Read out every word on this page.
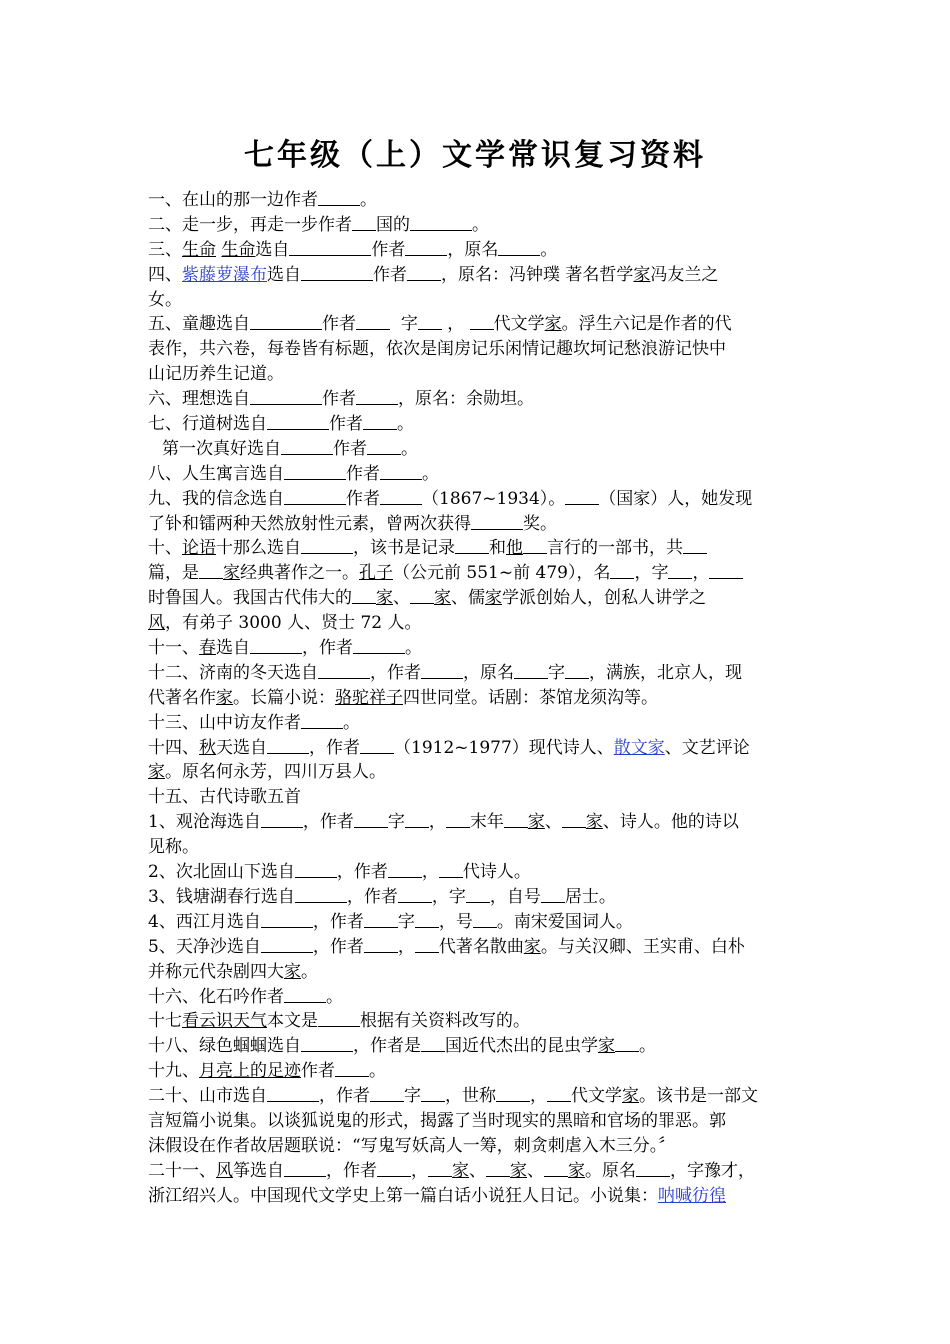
七年级（上）文学常识复习资料
一、在山的那一边作者 。
二、走一步，再走一步作者 国的	。
三、生命 生命选自	作者 ，原名 。
四、紫藤萝瀑布选自	作者 ，原名：冯钟璞 著名哲学家冯友兰之
女。
五、童趣选自	作者	字 ， 代文学家。浮生六记是作者的代
表作，共六卷，每卷皆有标题，依次是闺房记乐闲情记趣坎坷记愁浪游记快中
山记历养生记道。
六、理想选自	作者 ，原名：余勋坦。
七、行道树选自	作者 。
第一次真好选自	作者 。
八、人生寓言选自	作者 。
九、我的信念选自	作者 （1867~1934）。 （国家）人，她发现
了钋和镭两种天然放射性元素，曾两次获得	奖。
十、论语十那么选自	，该书是记录 和他 言行的一部书，共
篇，是 家经典著作之一。孔子（公元前 551~前 479），名 ，字 ，
时鲁国人。我国古代伟大的 家、 家、儒家学派创始人，创私人讲学之
风，有弟子 3000 人、贤士 72 人。
十一、春选自	，作者	。
十二、济南的冬天选自	，作者 ，原名 字 ，满族，北京人，现
代著名作家。长篇小说：骆驼祥子四世同堂。话剧：茶馆龙须沟等。
十三、山中访友作者 。
十四、秋天选自 ，作者 （1912~1977）现代诗人、散文家、文艺评论
家。原名何永芳，四川万县人。
十五、古代诗歌五首
1、观沧海选自 ，作者 字 ， 末年 家、 家、诗人。他的诗以
见称。
2、次北固山下选自 ，作者 ， 代诗人。
3、钱塘湖春行选自	，作者 ，字 ，自号 居士。
4、西江月选自	，作者 字 ，号 。南宋爱国词人。
5、天净沙选自	，作者 ， 代著名散曲家。与关汉卿、王实甫、白朴
并称元代杂剧四大家。
十六、化石吟作者 。
十七看云识天气本文是 根据有关资料改写的。
十八、绿色蝈蝈选自	，作者是 国近代杰出的昆虫学家 。
十九、月亮上的足迹作者 。
二十、山市选自	，作者 字 ，世称 ， 代文学家。该书是一部文
言短篇小说集。以谈狐说鬼的形式，揭露了当时现实的黑暗和官场的罪恶。郭
沫假设在作者故居题联说：“写鬼写妖高人一筹，刺贪刺虐入木三分。〞
二十一、风筝选自 ，作者 ， 家、 家、 家。原名 ，字豫才，
浙江绍兴人。中国现代文学史上第一篇白话小说狂人日记。小说集：呐喊彷徨
